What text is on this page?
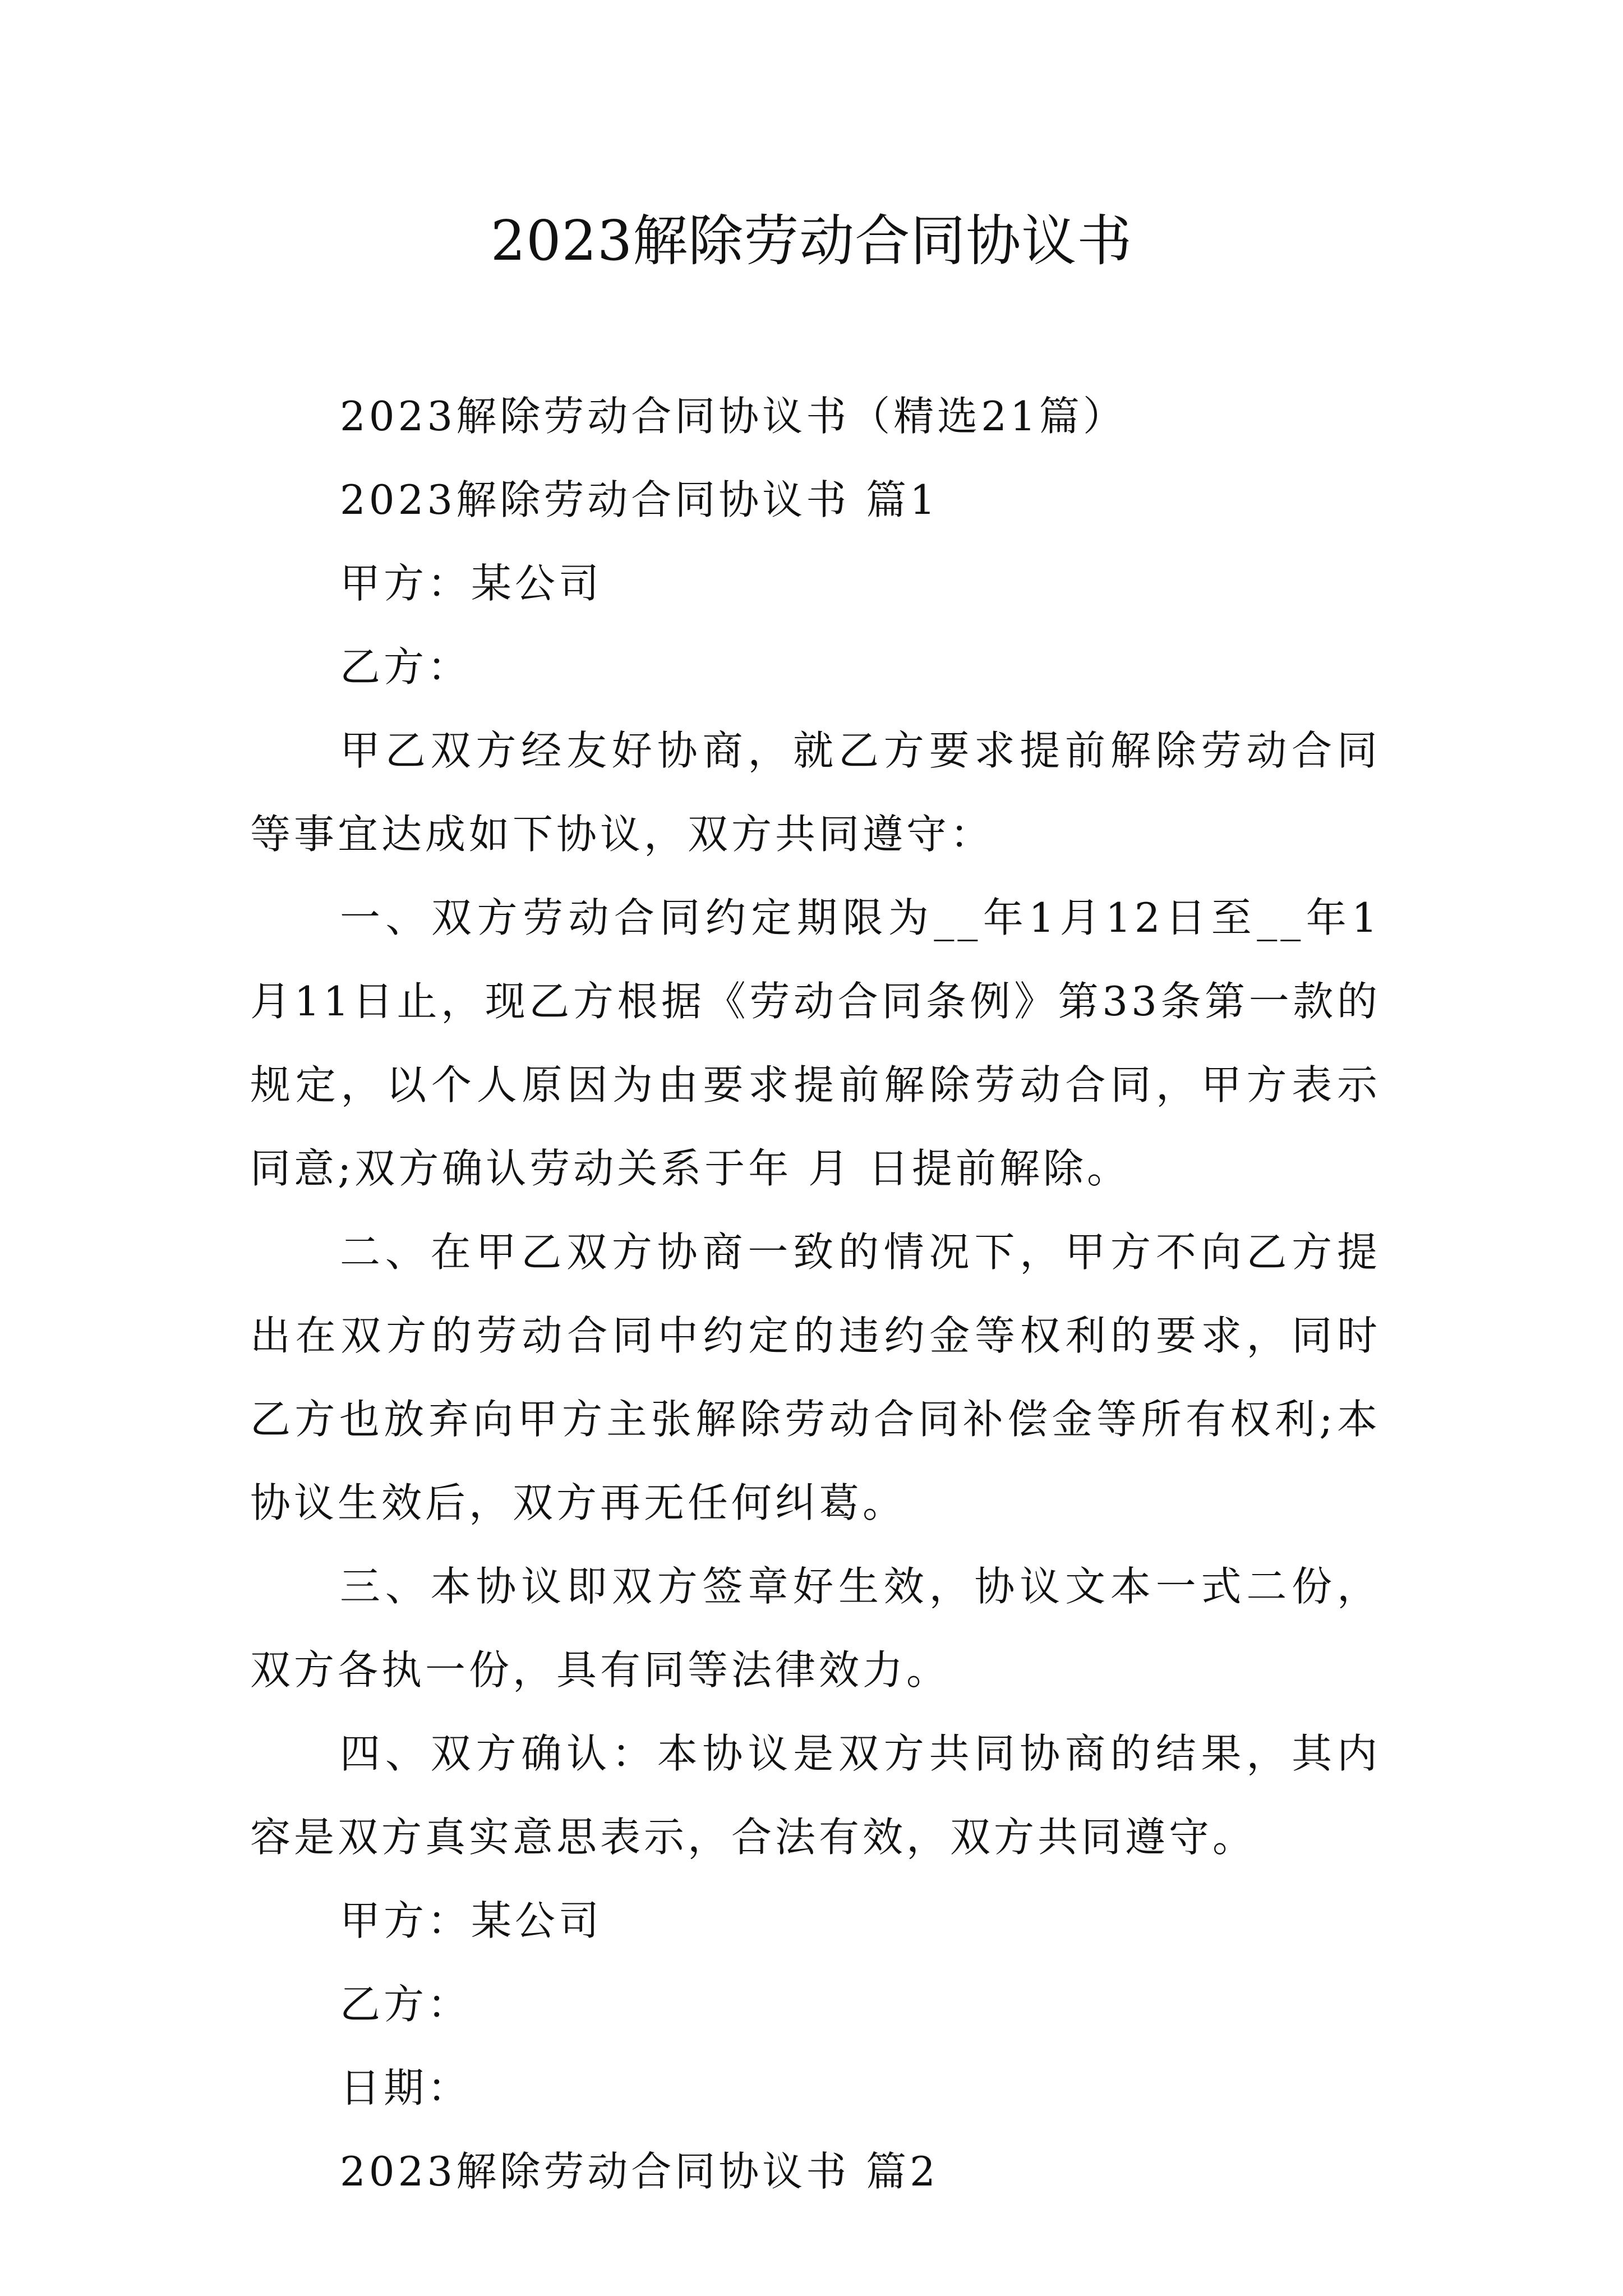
2023解除劳动合同协议书

2023解除劳动合同协议书（精选21篇）

2023解除劳动合同协议书 篇1

甲方：某公司

乙方：

甲乙双方经友好协商，就乙方要求提前解除劳动合同等事宜达成如下协议，双方共同遵守：

一、双方劳动合同约定期限为__年1月12日至__年1月11日止，现乙方根据《劳动合同条例》第33条第一款的规定，以个人原因为由要求提前解除劳动合同，甲方表示同意;双方确认劳动关系于年 月 日提前解除。

二、在甲乙双方协商一致的情况下，甲方不向乙方提出在双方的劳动合同中约定的违约金等权利的要求，同时乙方也放弃向甲方主张解除劳动合同补偿金等所有权利;本协议生效后，双方再无任何纠葛。

三、本协议即双方签章好生效，协议文本一式二份，双方各执一份，具有同等法律效力。

四、双方确认：本协议是双方共同协商的结果，其内容是双方真实意思表示，合法有效，双方共同遵守。

甲方：某公司

乙方：

日期：

2023解除劳动合同协议书 篇2
